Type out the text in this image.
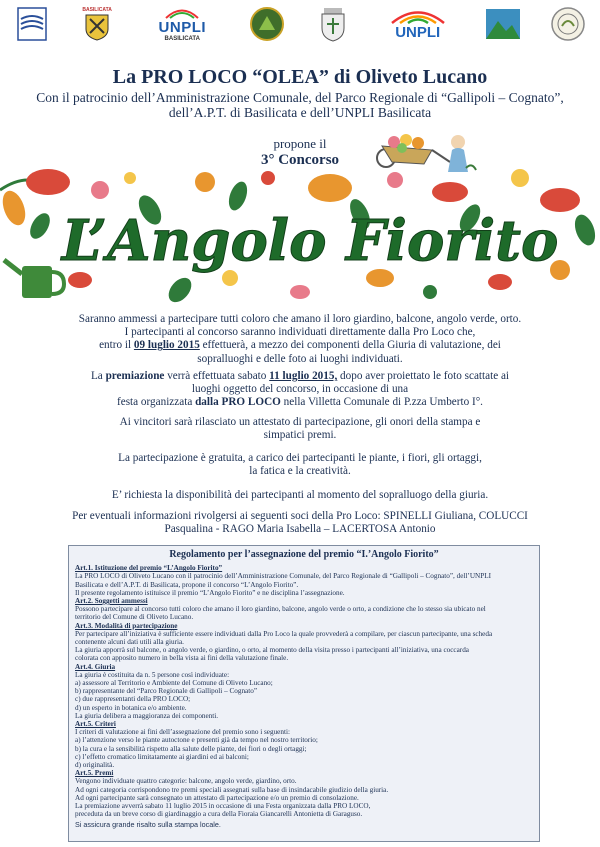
BASILICATA
UNPLI
BASILICATA	UNPLI
La PRO LOCO “OLEA” di Oliveto Lucano
Con il patrocinio dell’Amministrazione Comunale, del Parco Regionale di “Gallipoli – Cognato”,
dell’A.P.T. di Basilicata e dell’UNPLI Basilicata
propone il
3° Concorso
L’Angolo Fiorito

Saranno ammessi a partecipare tutti coloro che amano il loro giardino, balcone, angolo verde, orto.

I partecipanti al concorso saranno individuati direttamente dalla Pro Loco che,

entro il 09 luglio 2015 effettuerà, a mezzo dei componenti della Giuria di valutazione, dei

sopralluoghi e delle foto ai luoghi individuati.

La premiazione verrà effettuata sabato 11 luglio 2015, dopo aver proiettato le foto scattate ai

luoghi oggetto del concorso, in occasione di una

festa organizzata dalla PRO LOCO nella Villetta Comunale di P.zza Umberto I°.

Ai vincitori sarà rilasciato un attestato di partecipazione, gli onori della stampa e

simpatici premi.

La partecipazione è gratuita, a carico dei partecipanti le piante, i fiori, gli ortaggi,

la fatica e la creatività.

E’ richiesta la disponibilità dei partecipanti al momento del sopralluogo della giuria.

Per eventuali informazioni rivolgersi ai seguenti soci della Pro Loco: SPINELLI Giuliana, COLUCCI

Pasqualina - RAGO Maria Isabella – LACERTOSA Antonio

Regolamento per l’assegnazione del premio “I.’Angolo Fiorito”

Art.1. Istituzione del premio “L’Angolo Fiorito”

La PRO LOCO di Oliveto Lucano con il patrocinio dell’Amministrazione Comunale, del Parco Regionale di “Gallipoli – Cognato”, dell’UNPLI

Basilicata e dell’A.P.T. di Basilicata, propone il concorso “L’Angolo Fiorito”.

Il presente regolamento istituisce il premio “L’Angolo Fiorito” e ne disciplina l’assegnazione.

Art.2. Soggetti ammessi

Possono partecipare al concorso tutti coloro che amano il loro giardino, balcone, angolo verde o orto, a condizione che lo stesso sia ubicato nel

territorio del Comune di Oliveto Lucano.

Art.3. Modalità di partecipazione

Per partecipare all’iniziativa è sufficiente essere individuati dalla Pro Loco la quale provvederà a compilare, per ciascun partecipante, una scheda

contenente alcuni dati utili alla giuria.

La giuria apporrà sul balcone, o angolo verde, o giardino, o orto, al momento della visita presso i partecipanti all’iniziativa, una coccarda

colorata con apposito numero in bella vista ai fini della valutazione finale.

Art.4. Giuria

La giuria è costituita da n. 5 persone così individuate:

a) assessore al Territorio e Ambiente del Comune di Oliveto Lucano;

b) rappresentante del “Parco Regionale di Gallipoli – Cognato”

c) due rappresentanti della PRO LOCO;

d) un esperto in botanica e/o ambiente.

La giuria delibera a maggioranza dei componenti.

Art.5. Criteri

I criteri di valutazione ai fini dell’assegnazione del premio sono i seguenti:

a) l’attenzione verso le piante autoctone e presenti già da tempo nel nostro territorio;

b) la cura e la sensibilità rispetto alla salute delle piante, dei fiori o degli ortaggi;

c) l’effetto cromatico limitatamente ai giardini ed ai balconi;

d) originalità.

Art.5. Premi

Vengono individuate quattro categorie: balcone, angolo verde, giardino, orto.

Ad ogni categoria corrispondono tre premi speciali assegnati sulla base di insindacabile giudizio della giuria.

Ad ogni partecipante sarà consegnato un attestato di partecipazione e/o un premio di consolazione.

La premiazione avverrà sabato 11 luglio 2015 in occasione di una Festa organizzata dalla PRO LOCO,

preceduta da un breve corso di giardinaggio a cura della Fioraia Giancarelli Antonietta di Garaguso.

Si assicura grande risalto sulla stampa locale.
